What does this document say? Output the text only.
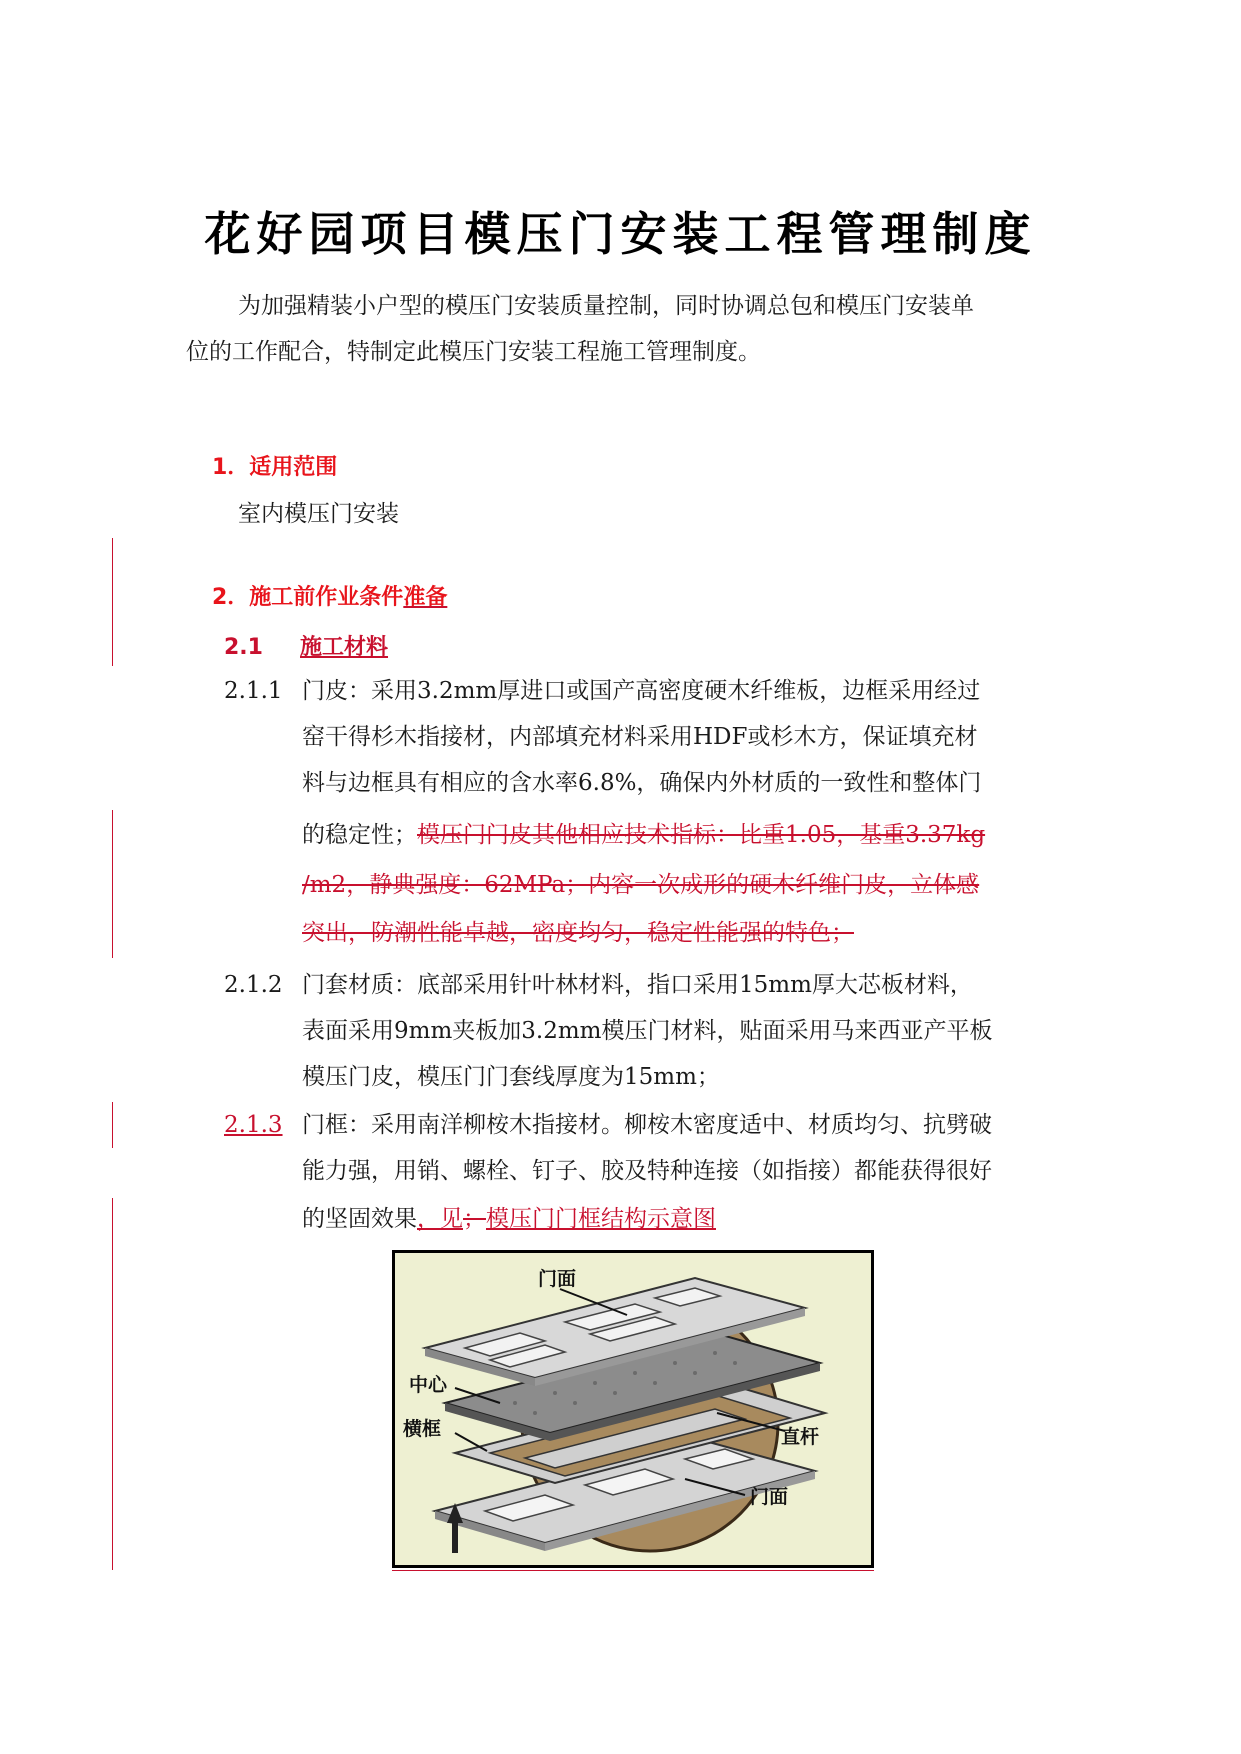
花好园项目模压门安装工程管理制度
为加强精装小户型的模压门安装质量控制，同时协调总包和模压门安装单
位的工作配合，特制定此模压门安装工程施工管理制度。
1．适用范围
室内模压门安装
2．施工前作业条件准备
2.1 施工材料
2.1.1 门皮：采用3.2mm厚进口或国产高密度硬木纤维板，边框采用经过
窑干得杉木指接材，内部填充材料采用HDF或杉木方，保证填充材
料与边框具有相应的含水率6.8%，确保内外材质的一致性和整体门
的稳定性；模压门门皮其他相应技术指标：比重1.05，基重3.37kg
/m2，静典强度：62MPa；内容一次成形的硬木纤维门皮，立体感
突出，防潮性能卓越，密度均匀，稳定性能强的特色；
2.1.2 门套材质：底部采用针叶林材料，指口采用15mm厚大芯板材料，
表面采用9mm夹板加3.2mm模压门材料，贴面采用马来西亚产平板
模压门皮，模压门门套线厚度为15mm；
2.1.3 门框：采用南洋柳桉木指接材。柳桉木密度适中、材质均匀、抗劈破
能力强，用销、螺栓、钉子、胶及特种连接（如指接）都能获得很好
的坚固效果，见；模压门门框结构示意图
门面
中心
横框	直杆
门面
